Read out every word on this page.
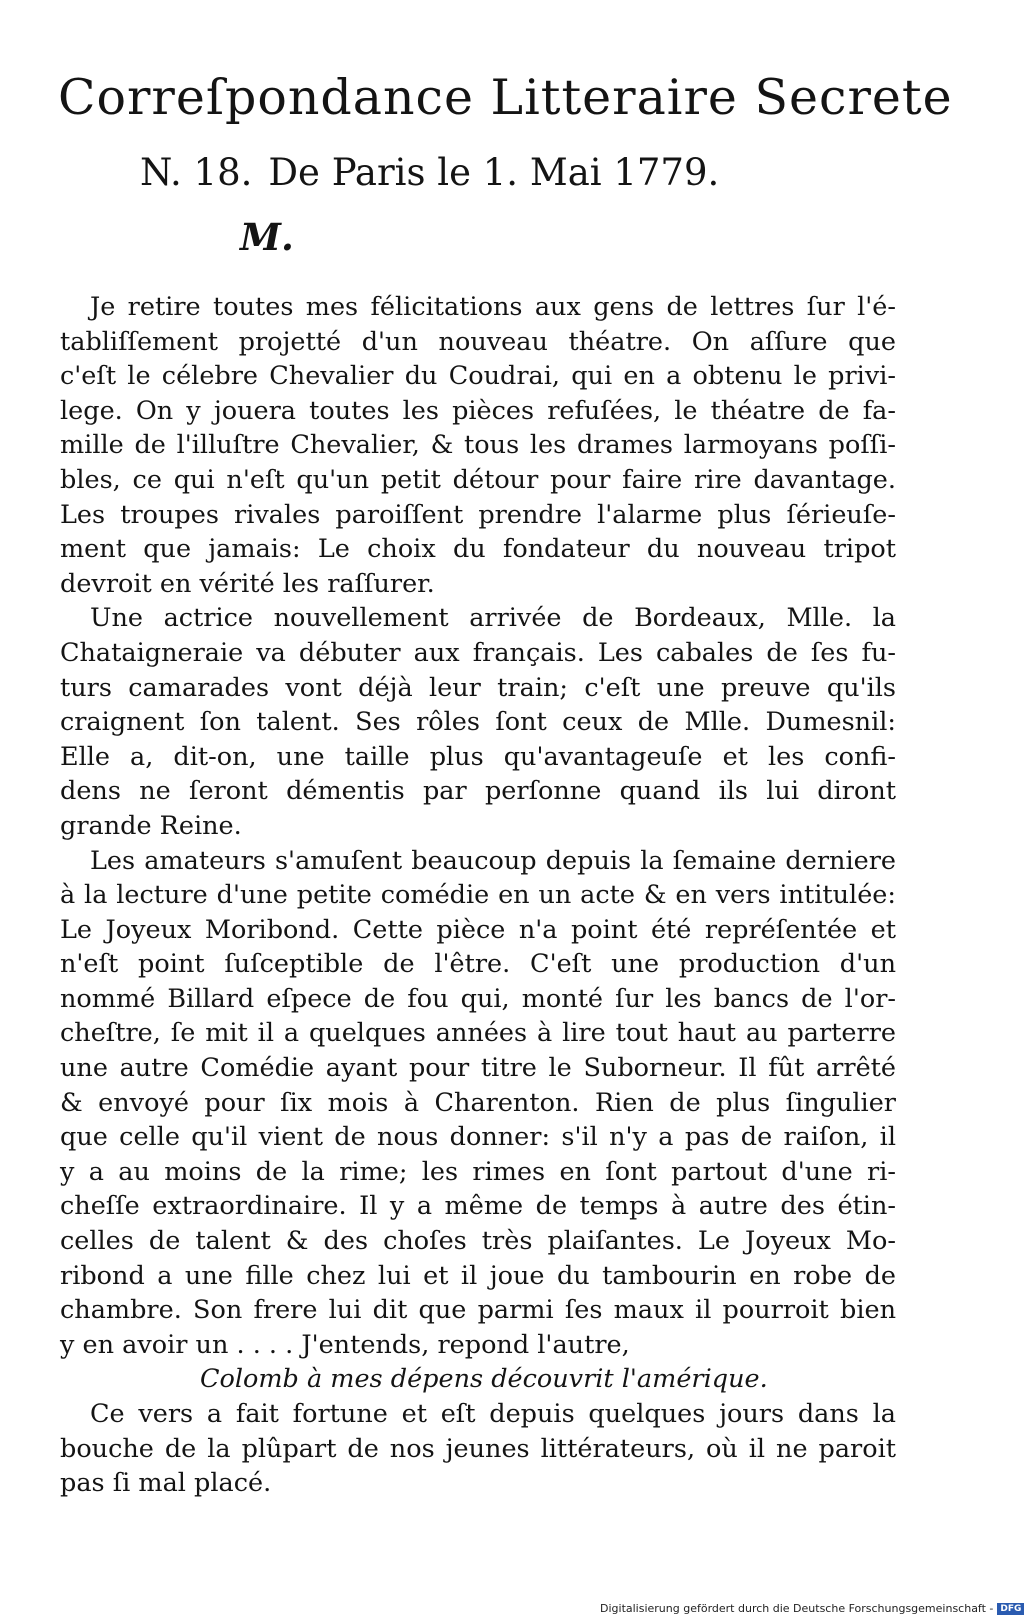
Correſpondance Litteraire Secrete
N. 18. De Paris le 1. Mai 1779.
M.
Je retire toutes mes félicitations aux gens de lettres ſur l'é-
tabliſſement projetté d'un nouveau théatre. On aſſure que
c'eſt le célebre Chevalier du Coudrai, qui en a obtenu le privi-
lege. On y jouera toutes les pièces refuſées, le théatre de fa-
mille de l'illuſtre Chevalier, & tous les drames larmoyans poſſi-
bles, ce qui n'eſt qu'un petit détour pour faire rire davantage.
Les troupes rivales paroiſſent prendre l'alarme plus ſérieuſe-
ment que jamais: Le choix du fondateur du nouveau tripot
devroit en vérité les raſſurer.
Une actrice nouvellement arrivée de Bordeaux, Mlle. la
Chataigneraie va débuter aux français. Les cabales de ſes fu-
turs camarades vont déjà leur train; c'eſt une preuve qu'ils
craignent ſon talent. Ses rôles ſont ceux de Mlle. Dumesnil:
Elle a, dit-on, une taille plus qu'avantageuſe et les confi-
dens ne ſeront démentis par perſonne quand ils lui diront
grande Reine.
Les amateurs s'amuſent beaucoup depuis la ſemaine derniere
à la lecture d'une petite comédie en un acte & en vers intitulée:
Le Joyeux Moribond. Cette pièce n'a point été repréſentée et
n'eſt point ſuſceptible de l'être. C'eſt une production d'un
nommé Billard eſpece de fou qui, monté ſur les bancs de l'or-
cheſtre, ſe mit il a quelques années à lire tout haut au parterre
une autre Comédie ayant pour titre le Suborneur. Il fût arrêté
& envoyé pour ſix mois à Charenton. Rien de plus ſingulier
que celle qu'il vient de nous donner: s'il n'y a pas de raiſon, il
y a au moins de la rime; les rimes en ſont partout d'une ri-
cheſſe extraordinaire. Il y a même de temps à autre des étin-
celles de talent & des choſes très plaiſantes. Le Joyeux Mo-
ribond a une fille chez lui et il joue du tambourin en robe de
chambre. Son frere lui dit que parmi ſes maux il pourroit bien
y en avoir un . . . . J'entends, repond l'autre,
Colomb à mes dépens découvrit l'amérique.
Ce vers a fait fortune et eſt depuis quelques jours dans la
bouche de la plûpart de nos jeunes littérateurs, où il ne paroit
pas ſi mal placé.
Digitalisierung gefördert durch die Deutsche Forschungsgemeinschaft - DFG
